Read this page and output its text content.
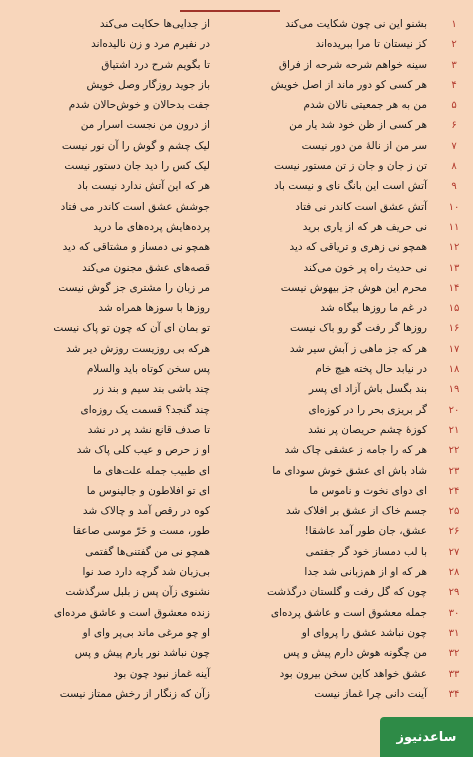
۱
بشنو این نی چون شکایت می‌کند
از جدایی‌ها حکایت می‌کند
۲
کز نیستان تا مرا ببریده‌اند
در نفیرم مرد و زن نالیده‌اند
۳
سینه خواهم شرحه شرحه از فراق
تا بگویم شرح درد اشتیاق
۴
هر کسی کو دور ماند از اصل خویش
باز جوید روزگار وصل خویش
۵
من به هر جمعیتی نالان شدم
جفت بدحالان و خوش‌حالان شدم
۶
هر کسی از ظن خود شد یار من
از درون من نجست اسرار من
۷
سر من از نالهٔ من دور نیست
لیک چشم و گوش را آن نور نیست
۸
تن ز جان و جان ز تن مستور نیست
لیک کس را دید جان دستور نیست
۹
آتش است این بانگ نای و نیست باد
هر که این آتش ندارد نیست باد
۱۰
آتش عشق است کاندر نی فتاد
جوشش عشق است کاندر می فتاد
۱۱
نی حریف هر که از یاری برید
پرده‌هایش پرده‌های ما درید
۱۲
همچو نی زهری و تریاقی که دید
همچو نی دمساز و مشتاقی که دید
۱۳
نی حدیث راه پر خون می‌کند
قصه‌های عشق مجنون می‌کند
۱۴
محرم این هوش جز بیهوش نیست
مر زبان را مشتری جز گوش نیست
۱۵
در غم ما روزها بیگاه شد
روزها با سوزها همراه شد
۱۶
روزها گر رفت گو رو باک نیست
تو بمان ای آن که چون تو پاک نیست
۱۷
هر که جز ماهی ز آبش سیر شد
هرکه بی روزیست روزش دیر شد
۱۸
در نیابد حال پخته هیچ خام
پس سخن کوتاه باید والسلام
۱۹
بند بگسل باش آزاد ای پسر
چند باشی بند سیم و بند زر
۲۰
گر بریزی بحر را در کوزه‌ای
چند گنجد؟ قسمت یک روزه‌ای
۲۱
کوزهٔ چشم حریصان پر نشد
تا صدف قانع نشد پر در نشد
۲۲
هر که را جامه ز عشقی چاک شد
او ز حرص و عیب کلی پاک شد
۲۳
شاد باش ای عشق خوش سودای ما
ای طبیب جمله علت‌های ما
۲۴
ای دوای نخوت و ناموس ما
ای تو افلاطون و جالینوس ما
۲۵
جسم خاک از عشق بر افلاک شد
کوه در رقص آمد و چالاک شد
۲۶
عشق، جان طور آمد عاشقا!
طور، مست و خَرّ موسی صاعقا
۲۷
با لب دمساز خود گر جفتمی
همچو نی من گفتنی‌ها گفتمی
۲۸
هر که او از هم‌زبانی شد جدا
بی‌زبان شد گرچه دارد صد نوا
۲۹
چون که گل رفت و گلستان درگذشت
نشنوی زآن پس ز بلبل سرگذشت
۳۰
جمله معشوق است و عاشق پرده‌ای
زنده معشوق است و عاشق مرده‌ای
۳۱
چون نباشد عشق را پروای او
او چو مرغی ماند بی‌پر وای او
۳۲
من چگونه هوش دارم پیش و پس
چون نباشد نور یارم پیش و پس
۳۳
عشق خواهد کاین سخن بیرون بود
آینه غماز نبود چون بود
۳۴
آینت دانی چرا غماز نیست
زآن که زنگار از رخش ممتاز نیست
ساعدنیوز
